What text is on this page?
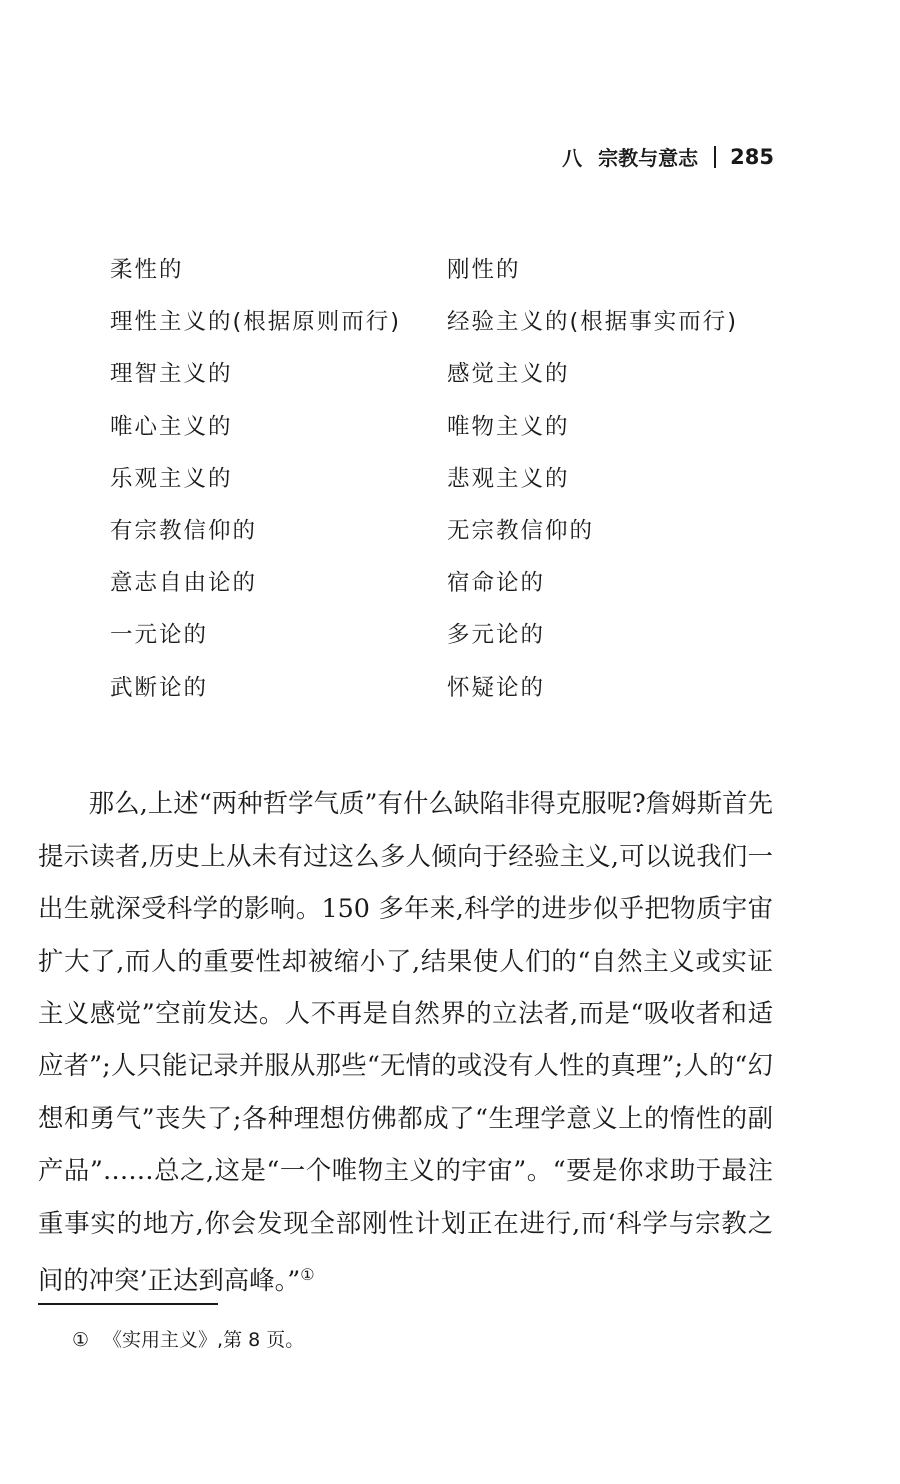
八 宗教与意志 285
柔性的	刚性的
理性主义的(根据原则而行) 经验主义的(根据事实而行)
理智主义的	感觉主义的
唯心主义的	唯物主义的
乐观主义的	悲观主义的
有宗教信仰的	无宗教信仰的
意志自由论的	宿命论的
一元论的	多元论的
武断论的	怀疑论的

那么,上述“两种哲学气质”有什么缺陷非得克服呢?詹姆斯首先提示读者,历史上从未有过这么多人倾向于经验主义,可以说我们一出生就深受科学的影响。150 多年来,科学的进步似乎把物质宇宙扩大了,而人的重要性却被缩小了,结果使人们的“自然主义或实证主义感觉”空前发达。人不再是自然界的立法者,而是“吸收者和适应者”;人只能记录并服从那些“无情的或没有人性的真理”;人的“幻想和勇气”丧失了;各种理想仿佛都成了“生理学意义上的惰性的副产品”……总之,这是“一个唯物主义的宇宙”。“要是你求助于最注重事实的地方,你会发现全部刚性计划正在进行,而‘科学与宗教之间的冲突’正达到高峰。”①

① 《实用主义》,第 8 页。
